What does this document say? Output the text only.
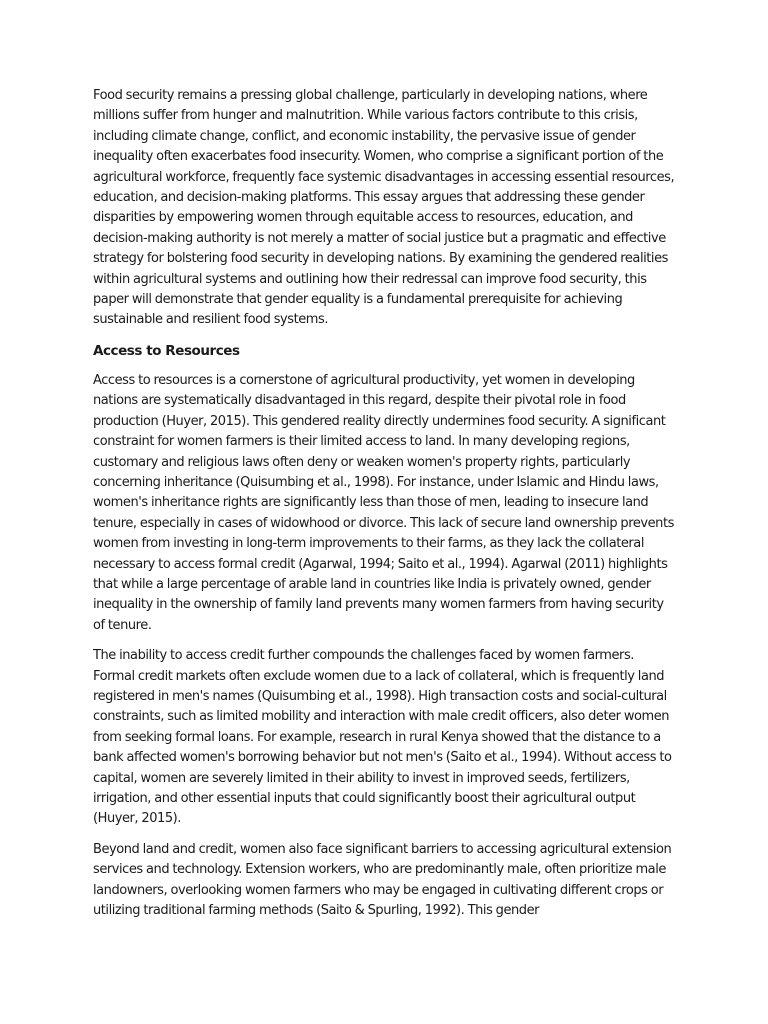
Food security remains a pressing global challenge, particularly in developing nations, where millions suffer from hunger and malnutrition. While various factors contribute to this crisis, including climate change, conflict, and economic instability, the pervasive issue of gender inequality often exacerbates food insecurity. Women, who comprise a significant portion of the agricultural workforce, frequently face systemic disadvantages in accessing essential resources, education, and decision-making platforms. This essay argues that addressing these gender disparities by empowering women through equitable access to resources, education, and decision-making authority is not merely a matter of social justice but a pragmatic and effective strategy for bolstering food security in developing nations. By examining the gendered realities within agricultural systems and outlining how their redressal can improve food security, this paper will demonstrate that gender equality is a fundamental prerequisite for achieving sustainable and resilient food systems.

Access to Resources

Access to resources is a cornerstone of agricultural productivity, yet women in developing nations are systematically disadvantaged in this regard, despite their pivotal role in food production (Huyer, 2015). This gendered reality directly undermines food security. A significant constraint for women farmers is their limited access to land. In many developing regions, customary and religious laws often deny or weaken women's property rights, particularly concerning inheritance (Quisumbing et al., 1998). For instance, under Islamic and Hindu laws, women's inheritance rights are significantly less than those of men, leading to insecure land tenure, especially in cases of widowhood or divorce. This lack of secure land ownership prevents women from investing in long-term improvements to their farms, as they lack the collateral necessary to access formal credit (Agarwal, 1994; Saito et al., 1994). Agarwal (2011) highlights that while a large percentage of arable land in countries like India is privately owned, gender inequality in the ownership of family land prevents many women farmers from having security of tenure.

The inability to access credit further compounds the challenges faced by women farmers. Formal credit markets often exclude women due to a lack of collateral, which is frequently land registered in men's names (Quisumbing et al., 1998). High transaction costs and social-cultural constraints, such as limited mobility and interaction with male credit officers, also deter women from seeking formal loans. For example, research in rural Kenya showed that the distance to a bank affected women's borrowing behavior but not men's (Saito et al., 1994). Without access to capital, women are severely limited in their ability to invest in improved seeds, fertilizers, irrigation, and other essential inputs that could significantly boost their agricultural output (Huyer, 2015).

Beyond land and credit, women also face significant barriers to accessing agricultural extension services and technology. Extension workers, who are predominantly male, often prioritize male landowners, overlooking women farmers who may be engaged in cultivating different crops or utilizing traditional farming methods (Saito & Spurling, 1992). This gender
